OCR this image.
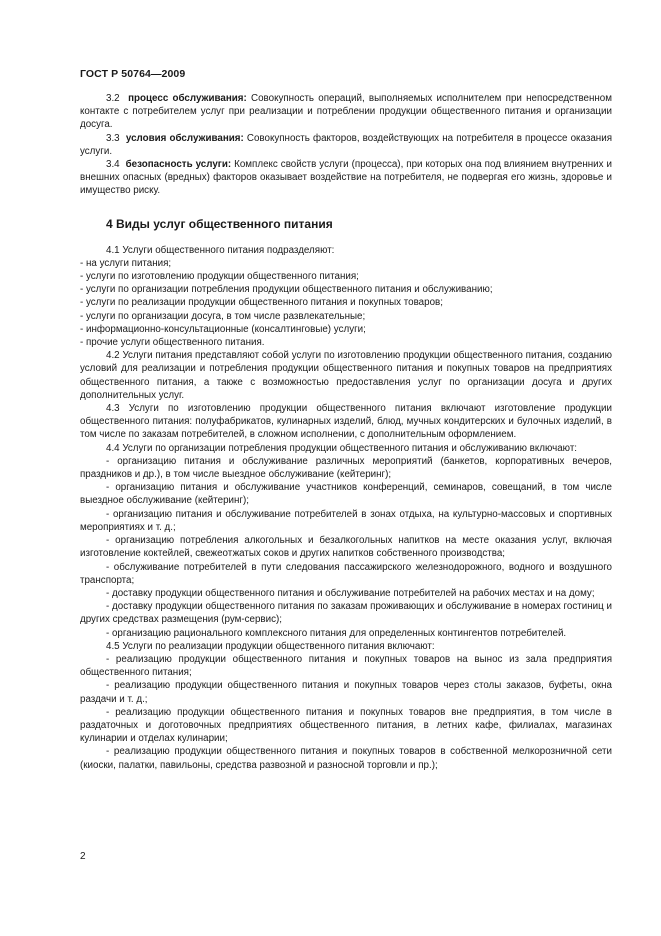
ГОСТ Р 50764—2009

3.2 процесс обслуживания: Совокупность операций, выполняемых исполнителем при непосредственном контакте с потребителем услуг при реализации и потреблении продукции общественного питания и организации досуга.

3.3 условия обслуживания: Совокупность факторов, воздействующих на потребителя в процессе оказания услуги.

3.4 безопасность услуги: Комплекс свойств услуги (процесса), при которых она под влиянием внутренних и внешних опасных (вредных) факторов оказывает воздействие на потребителя, не подвергая его жизнь, здоровье и имущество риску.

4 Виды услуг общественного питания

4.1 Услуги общественного питания подразделяют:

- на услуги питания;

- услуги по изготовлению продукции общественного питания;

- услуги по организации потребления продукции общественного питания и обслуживанию;

- услуги по реализации продукции общественного питания и покупных товаров;

- услуги по организации досуга, в том числе развлекательные;

- информационно-консультационные (консалтинговые) услуги;

- прочие услуги общественного питания.

4.2 Услуги питания представляют собой услуги по изготовлению продукции общественного питания, созданию условий для реализации и потребления продукции общественного питания и покупных товаров на предприятиях общественного питания, а также с возможностью предоставления услуг по организации досуга и других дополнительных услуг.

4.3 Услуги по изготовлению продукции общественного питания включают изготовление продукции общественного питания: полуфабрикатов, кулинарных изделий, блюд, мучных кондитерских и булочных изделий, в том числе по заказам потребителей, в сложном исполнении, с дополнительным оформлением.

4.4 Услуги по организации потребления продукции общественного питания и обслуживанию включают:

- организацию питания и обслуживание различных мероприятий (банкетов, корпоративных вечеров, праздников и др.), в том числе выездное обслуживание (кейтеринг);

- организацию питания и обслуживание участников конференций, семинаров, совещаний, в том числе выездное обслуживание (кейтеринг);

- организацию питания и обслуживание потребителей в зонах отдыха, на культурно-массовых и спортивных мероприятиях и т. д.;

- организацию потребления алкогольных и безалкогольных напитков на месте оказания услуг, включая изготовление коктейлей, свежеотжатых соков и других напитков собственного производства;

- обслуживание потребителей в пути следования пассажирского железнодорожного, водного и воздушного транспорта;

- доставку продукции общественного питания и обслуживание потребителей на рабочих местах и на дому;

- доставку продукции общественного питания по заказам проживающих и обслуживание в номерах гостиниц и других средствах размещения (рум-сервис);

- организацию рационального комплексного питания для определенных контингентов потребителей.

4.5 Услуги по реализации продукции общественного питания включают:

- реализацию продукции общественного питания и покупных товаров на вынос из зала предприятия общественного питания;

- реализацию продукции общественного питания и покупных товаров через столы заказов, буфеты, окна раздачи и т. д.;

- реализацию продукции общественного питания и покупных товаров вне предприятия, в том числе в раздаточных и доготовочных предприятиях общественного питания, в летних кафе, филиалах, магазинах кулинарии и отделах кулинарии;

- реализацию продукции общественного питания и покупных товаров в собственной мелкорозничной сети (киоски, палатки, павильоны, средства развозной и разносной торговли и пр.);

2
